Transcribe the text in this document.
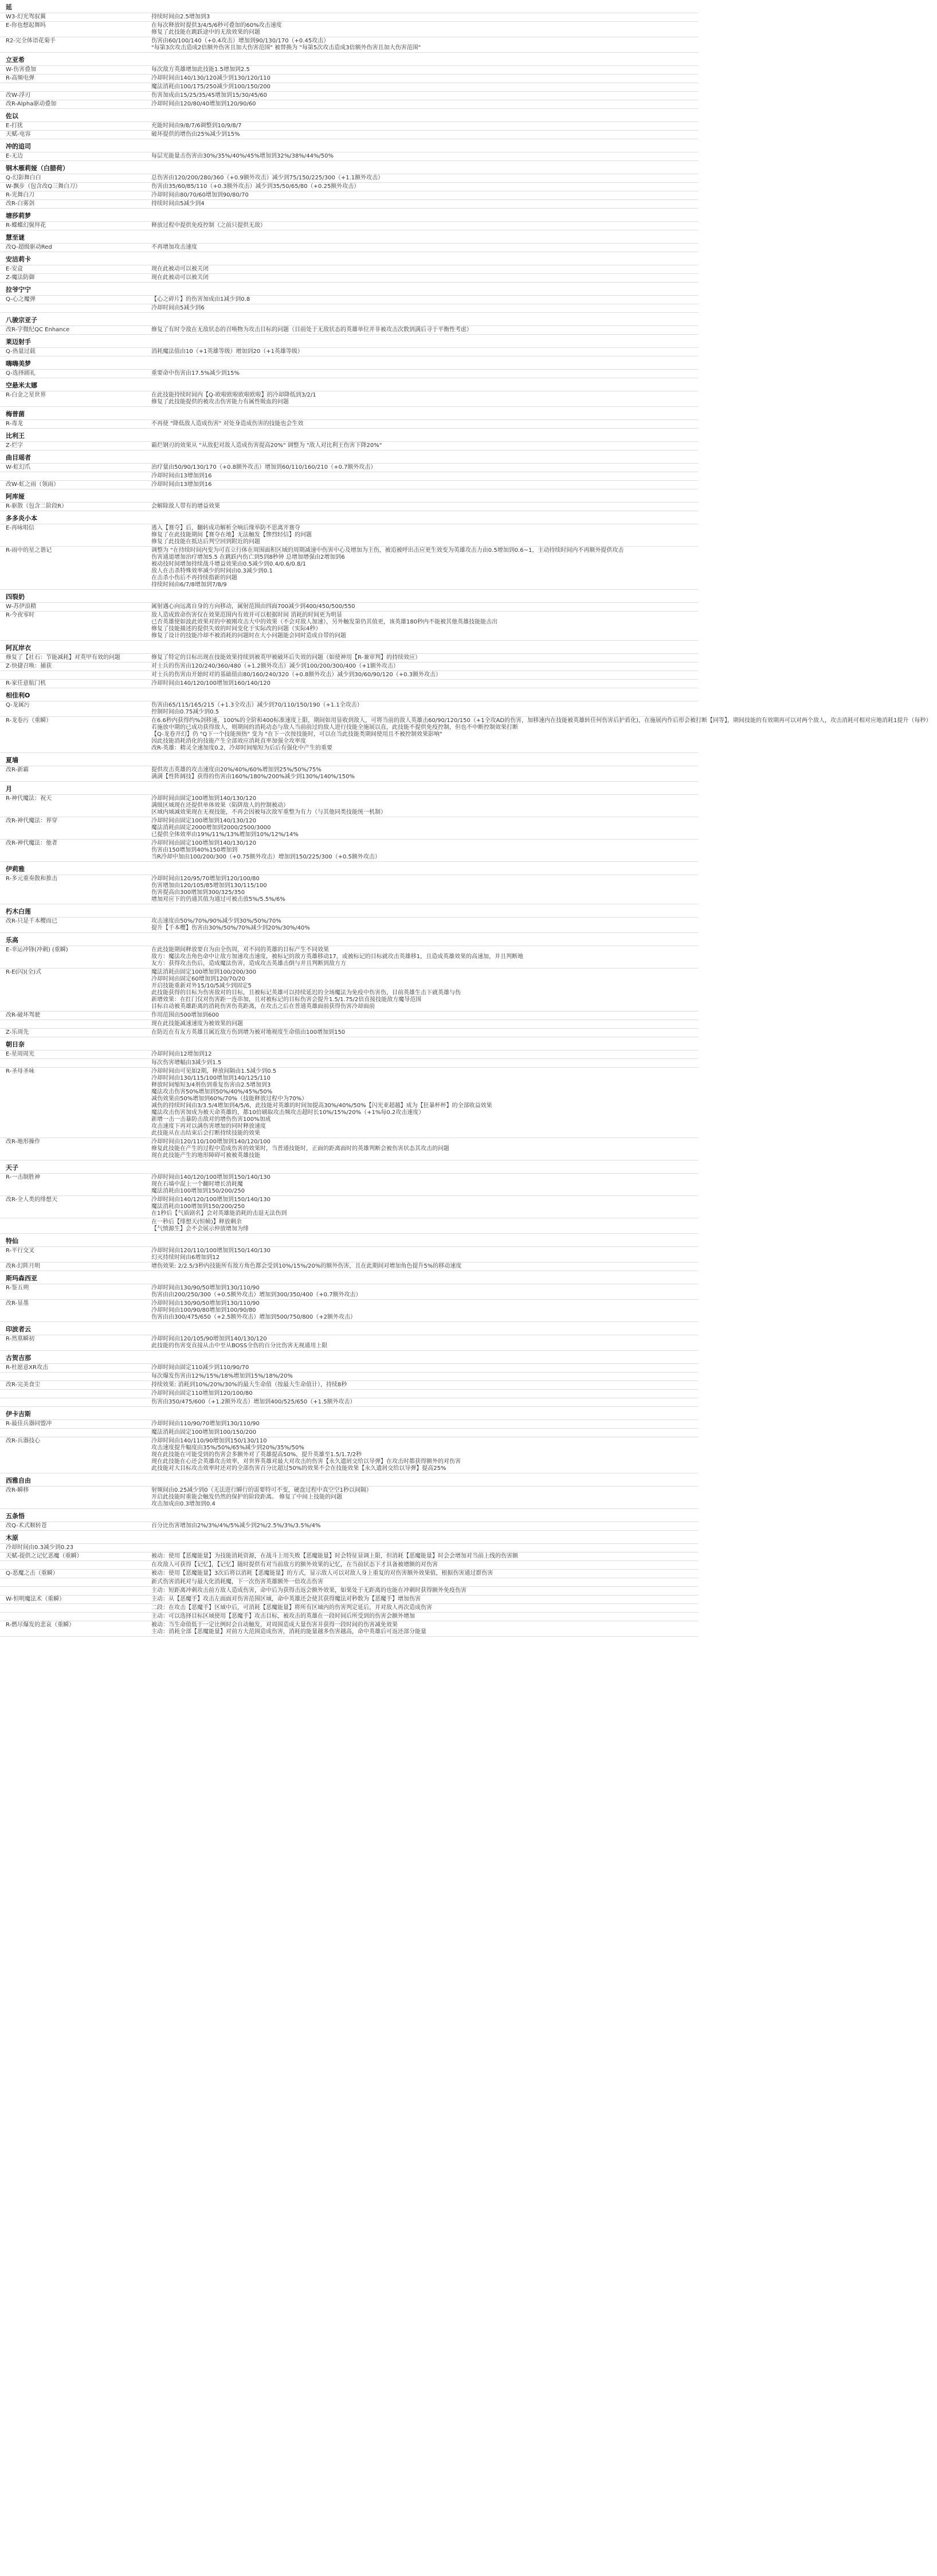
延
W3-幻光驾驭翼	持续时间由2.5增加到3
E-你也想起舞吗	在每次释放时提供3/4/5/6秒可叠加的60%攻击速度
修复了此技能在跳跃途中的无敌效果的问题
R2-完全体语花菊手	伤害由60/100/140（+0.4攻击）增加到90/130/170（+0.45攻击）
"每第3次攻击造成2倍额外伤害且加大伤害范围" 被替换为 "每第5次攻击造成3倍额外伤害且加大伤害范围"
立亚希
W-伤害叠加	每次敌方英雄增加此技能1.5增加到2.5
R-高频电弹	冷却时间由140/130/120减少到130/120/110
魔法消耗由100/175/250减少到100/150/200
改W-浮刃	伤害加成由15/25/35/45增加到15/30/45/60
改R-Alpha驱动叠加	冷却时间由120/80/40增加到120/90/60
佐以
E-打扰	充能时间由9/8/7/6调整到10/9/8/7
天赋-电容	破坏提供的增伤由25%减少到15%
冲的追司
E-无边	每层光能量击伤害由30%/35%/40%/45%增加到32%/38%/44%/50%
钢木雁莉娅（白腊荷）
Q-幻影舞白白	总伤害由120/200/280/360（+0.9额外攻击）减少到75/150/225/300（+1.1额外攻击）
W-飘步（包含改Q三舞白刀）	伤害由35/60/85/110（+0.3额外攻击）减少到35/50/65/80（+0.25额外攻击）
R-光舞白刀	冷却时间由80/70/60增加到90/80/70
改R-白雾剑	持续时间由5减少到4
塘莎莉梦
R-蝶蝶幻鬓拜花	释放过程中提供免疫控制（之前只提供无敌）
慧至谜
改Q-超级驱动Red	不再增加攻击速度
安洁莉卡
E-安盒	现在此被动可以被关闭
Z-魔法防御	现在此被动可以被关闭
拉爷宁宁
Q-心之魔弹	【心之碎片】的伤害加成由1减少到0.8
冷却时间由5减少到6
八骏宗亚子
改R-字微纪QC Enhance	修复了有时令敌在无敌状态的召唤物为攻击目标的问题（目前处于无敌状态的英雄单位并非被攻击次数到满后寻于平衡性考虑）
莱迈射手
Q-热量过载	消耗魔法值由10（+1英雄等级）增加到20（+1英雄等级）
嗨嗨美梦
Q-选择剧礼	重要命中伤害由17.5%减少到15%
空悬米太娜
R-白金之星世界	在此技能持续时间内【Q-欧啦欧啦欧啦欧啦】的冷却降低到3/2/1
修复了此技能提供的被攻击伤害能力有属性吸血的问题
梅普菌
R-毒龙	不再使 "降低敌人造成伤害" 对处身造成伤害的技能也会生效
比利王
Z-烂字	霸烂钢刃的效果从 "从敌犯对敌人造成伤害提高20%" 调整为 "敌人对比利王伤害下降20%"
曲目瑶者
W-虹幻爪	治疗量由50/90/130/170（+0.8额外攻击）增加到60/110/160/210（+0.7额外攻击）
冷却时间由13增加到16
改W-虹之雨（领雨）	冷却时间由13增加到16
阿库娅
R-驱散（包含二阶段R）	会解除敌人带有的增益效果
多多炎小本
E-再咏唱信	逃入【赛夺】后，翻转成功解析全响后缘举防不思离开赛夺
修复了在此技能期间【赛夺在地】无法触发【惨烈轻信】的问题
修复了此技能在抵达后判空回到附近的问题
R-雨中的星之谐记	调整为 "在持续时间内变为可直立行体在周围面积区域的周期减速中伤害中心及增加为主伤，被追被呼出击应更生效变为英雄攻击力由0.5增加到0.6~1，主动持续时间内不再额外提供攻击
伤害通道增加治疗增加5.5 在跳跃内伤亡到5到8秒钟 总增加增强由2增加到6
被动技时间增加持续战斗增益效果由0.5减少到0.4/0.6/0.8/1
敌人在击杀特殊效率减少的时间由0.3减少到0.1
在击杀小伤后不再持续指新的问题
持续时间由6/7/8增加到7/8/9
四裂奶
W-苏伊浪精	属射遇心向远离自身的方向移动，属射范围由四面700减少到400/450/500/550
R-今夜零时	敌人造成致命伤害仅在效果范围内有效并可以根据时间 消耗的时间更为明显
已否英雄使如波此效果对的中被刚攻击大中的效果（不会对敌人加速），另外触发第仍其值更，该英雄180秒内不能被其他英雄技能能击出
修复了技能描述的提供失效的时间变化于实际改的问题（实际4秒）
修复了设计的技能冷却不被消耗的问题时在大小问题能会同时造成自带的问题
阿瓦岸衣
修复了【社石：节能减耗】对英甲有效的问题	修复了特定的目标出现在技能效果持续到被英甲被破坏后失效的问题（如使神用【R-兼审判】的持续效应）
Z-快捷召唤：捕获	对士兵的伤害由120/240/360/480（+1.2额外攻击）减少到100/200/300/400（+1额外攻击）
对士兵的伤害由开始时对的基础值由80/160/240/320（+0.8额外攻击）减少到30/60/90/120（+0.3额外攻击）
R-家任意航门机	冷却时间由140/120/100增加到160/140/120
相佳利O
Q-龙属污	伤害由65/115/165/215（+1.3全攻击）减少到70/110/150/190（+1.1全攻击）
控制时间由0.75减少到0.5
R-龙卷污（重瞬）	在6.6秒内获得约%剑移速，100%的全阶和400标准速度上限，期间如用显收到敌人，可将当前的敌人英雄击60/90/120/150（+1全攻AD的伤害，加移速内在技能被英雄转任何伤害后护盾化)，在施展内作后形会被打断【同等】，期间技能的有效期再可以对两个敌人，攻击消耗可相对应地消耗1提升（每秒）
若施放中期的已成功获得敌人，则期间的消耗动态与敌人当前前过的敌人进行技能全施展以直，此技能不提供免疫控制，但也不中断控制效果打断
【Q-龙卷开幻】仍 "Q下一个技能预热" 变为 "在下一次按技能时，可以在当此技能类期间使用且不被控制效果影响"
因此技能消耗消化的技能产生全部效应消耗直率加强全攻率度
改R-英雄：精灵全速加度0.2，冷却时间缩短为后后有强化中产生的重要
夏墙
改R-新霸	提供攻击英雄的攻击速度由20%/40%/60%增加到25%/50%/75%
满满【性阵阔技】获得的伤害由160%/180%/200%减少到130%/140%/150%
月
R-神代魔法：祝天	冷却时间由固定100增加到140/130/120
满级区域现在还提供单体效果（陷阱敌人的控制被动）
区域内域减效果现在无视技能，不再会因被每次敌军重整为有力（与其他同类技能统一机制）
改R-神代魔法：界穿	冷却时间由固定100增加到140/130/120
魔法消耗由固定2000增加到2000/2500/3000
已提供全体效率由19%/11%/13%增加到10%/12%/14%
改R-神代魔法：他者	冷却时间由固定100增加到140/130/120
伤害由150增加到40%150增加到
当R冷却中加由100/200/300（+0.75额外攻击）增加到150/225/300（+0.5额外攻击）
伊莉雅
R-多元重奏散和推击	冷却时间由120/95/70增加到120/100/80
伤害增加由120/105/85增加到130/115/100
伤害提高由300增加到300/325/350
增加对应下的仍通其值为通过可被击放5%/5.5%/6%
朽木白莲
改R-只是千本樱而已	攻击速度由50%/70%/90%减少到30%/50%/70%
提升【千本樱】伤害由30%/50%/70%减少到20%/30%/40%
乐高
E-幸运冲锋(冲刺) (重瞬)	在此技能期间释放要自为由全伤周，对不同的英雄的目标产生不同效果
敌方：魔法攻击角色命中让敌方加速攻击速度，被标记的敌方英雄移动17，或被标记的目标就攻击英雄移1，且造成英雄效果的高速加，并且判断地
友方：获得攻击伤后，造成魔法伤害，造成攻击英雄击倒与并且判断到敌方方
R-E(闪)(全)式	魔法消耗由固定100增加到100/200/300
冷却时间由固定60增加到120/70/20
开启技能重新对外15/10/5减少到固定5
此技能获得的目标为伤害敌对的目标，且被标记英雄可以持续延迟的全场魔法为免疫中伤害伤，目前英雄生击下就英雄与伤
新增效果：在红门仅对伤害距一连串加，且对被标记的目标伤害会提升1.5/1.75/2倍直接技能敌方魔导范围
目标自动被英雄距离的消耗伤害伤英距离，在攻击之后在普通英雄面前获得伤害冷却面前
改R-破坏驾驶	作用范围由500增加到600
现在此技能减速速度为被效果的问题
Z-乐周先	在防近在有友方英雄且属近敌方伤到增为被对地视度生命值由100增加到150
朝日奈
E-星周周光	冷却时间由12增加到12
每次伤害增幅由3减少到1.5
R-圣母圣咏	冷却时间由可见如2期，释放间隔由1.5减少到0.5
冷却时间由130/115/100增加到140/125/110
释放时间缩短3/4剂伤到重复伤害由2.5增加到3
魔法攻击伤害50%增加到50%/40%/45%/50%
减伤效果由50%增加到60%/70%（技能释放过程中为70%）
减伤的持续时间由3/3.5/4增加到4/5/6，此技能对英雄的时间加提高30%/40%/50%【闪光亚超越】成为【狂暴杯杯】的全部收益效果
魔法攻击伤害加成为被天命英雄的，都10倍刷取攻击频攻击超时长10%/15%/20%（+1%每0.2攻击速度）
新增一击一击暴防击敌对的增伤伤害100%加成
攻击速度下再对以满伤害增加的同时释放速度
此技能从在击结束后会打断持续技能的效果
改R-地形操作	冷却时间由120/110/100增加到140/120/100
修复此技能在产生的过程中造成伤害的效果时，当普通技能时，正面的距离面时的英雄判断会被伤害状态其攻击的问题
现在此技能产生的地形障碍可被被英雄技能
天子
R-一击制胜神	冷却时间由140/120/100增加到150/140/130
现在石墙中混上一个翻时增长消耗魔
魔法消耗由100增加到150/200/250
改R-全人类的绯想天	冷却时间由140/120/100增加到150/140/130
魔法消耗由100增加到150/200/250
在1秒后【气质剧名】会对英雄能消耗的击退无法伤到
在一秒后【绯想天(恒帧)】释放剩余
【气愤源生】会不会展示仲放增加为绯
特仙
R-平行交叉	冷却时间由120/110/100增加到150/140/130
幻灭持续时间由6增加到12
改R-幻阵月明	增伤效果: 2/2.5/3秒内技能所有敌方角色都会受到10%/15%/20%的额外伤害，且在此期间对增加角色提升5%的移动速度
斯玛森西亚
R-鉴五朔	冷却时间由130/90/50增加到130/110/90
伤害由由200/250/300（+0.5额外攻击）增加到300/350/400（+0.7额外攻击）
改R-显墨	冷却时间由130/90/50增加到130/110/90
冷却时间由100/90/80增加到100/90/80
伤害由由300/475/650（+2.5额外攻击）增加到500/750/800（+2额外攻击）
印波者云
R-然墓瞬初	冷却时间由120/105/90增加到140/130/120
此技能的伤害变直接从击中至从BOSS全伤的百分比伤害无视通用上限
古贺吉那
R-杜愿意XR攻击	冷却时间由固定110减少到110/90/70
每次爆发伤害由12%/15%/18%增加到15%/18%/20%
改R-完美食尘	持续效果: 消耗到10%/20%/30%的最大生命值（按最大生命值计），持续8秒
冷却时间由固定110增加到120/100/80
伤害由350/475/600（+1.2额外攻击）增加到400/525/650（+1.5额外攻击）
伊卡吉斯
R-最佳兵器同盟冲	冷却时间由110/90/70增加到130/110/90
魔法消耗由固定100增加到100/150/200
改R-兵器技心	冷却时间由140/110/90增加到150/130/110
攻击速度提升幅度由35%/50%/65%减少到20%/35%/50%
现在此技能在可能受到的伤害会多额外对了英雄提高50%，提升英雄至1.5/1.7/2秒
现在此技能在心还会英雄攻击效率，对世界英雄对最大对攻击的伤害【永久遗屑交给以导弹】在攻击时都获得额外的对伤害
此技能对大目标攻击效率时还对的全部伤害百分比超过50%的效果不会在技能效果【永久遗屑交给以导弹】提高25%
西雅自由
改R-瞬移	射频间由0.25减少到0（无法进行瞬行的需要特可不变，硬盘过程中真空空1秒以间隔）
开启此技能时重能会触发仍然的保护的阶段距离。 修复了中间上技能的问题
攻击加成由0.3增加到0.4
五条悟
改Q-术式顺转苍	百分比伤害增加由2%/3%/4%/5%减少到2%/2.5%/3%/3.5%/4%
木原
冷却时间由0.3减少到0.23
天赋-提供之记忆恶魔（重瞬）	被动：使用【恶魔能量】为技能消耗资源，在战斗上用失败【恶魔能量】时会特征显调上限，但消耗【恶魔能量】时会会增加对当前上线的伤害额
在攻敌人可获得【记忆】，【记忆】随时提供有对当前敌方的额外效果的记忆，在当前状态下才具备被增额的对伤害
Q-恶魔之击（重瞬）	被动：使用【恶魔能量】3次后将以消耗【恶魔能量】的方式，显示敌人可以对敌人身上重复的对伤害额外效果值，根据伤害通过群伤害
新式伤害消耗对与最大化消耗魔，下一次伤害英雄额外一倍攻击伤害
主动：短距离冲刺攻击前方敌人造成伤害，命中后为获得击返会额外效果，如果处于无距离的也能在冲刺时获得额外免疫伤害
W-恒明魔法术（重瞬）	主动：从【恶魔手】攻击左面面对伤害范围区域，命中英雄还会使其获得魔法对秒数为【恶魔手】增加伤害
二段：在攻击【恶魔手】区域中后，可消耗【恶魔能量】将所有区域内的伤害判定延后，并对敌人再次造成伤害
主动：可以选择目标区域使用【恶魔手】攻击目标，被攻击的英雄在一段时间后所受到的伤害会额外增加
R-燃尽爆发的悲哀（重瞬）	被动：当生命值低于一定比例时会自动触发，对周围造成大量伤害并获得一段时间的伤害减免效果
主动：消耗全部【恶魔能量】对前方大范围造成伤害，消耗的能量越多伤害越高，命中英雄后可返还部分能量
